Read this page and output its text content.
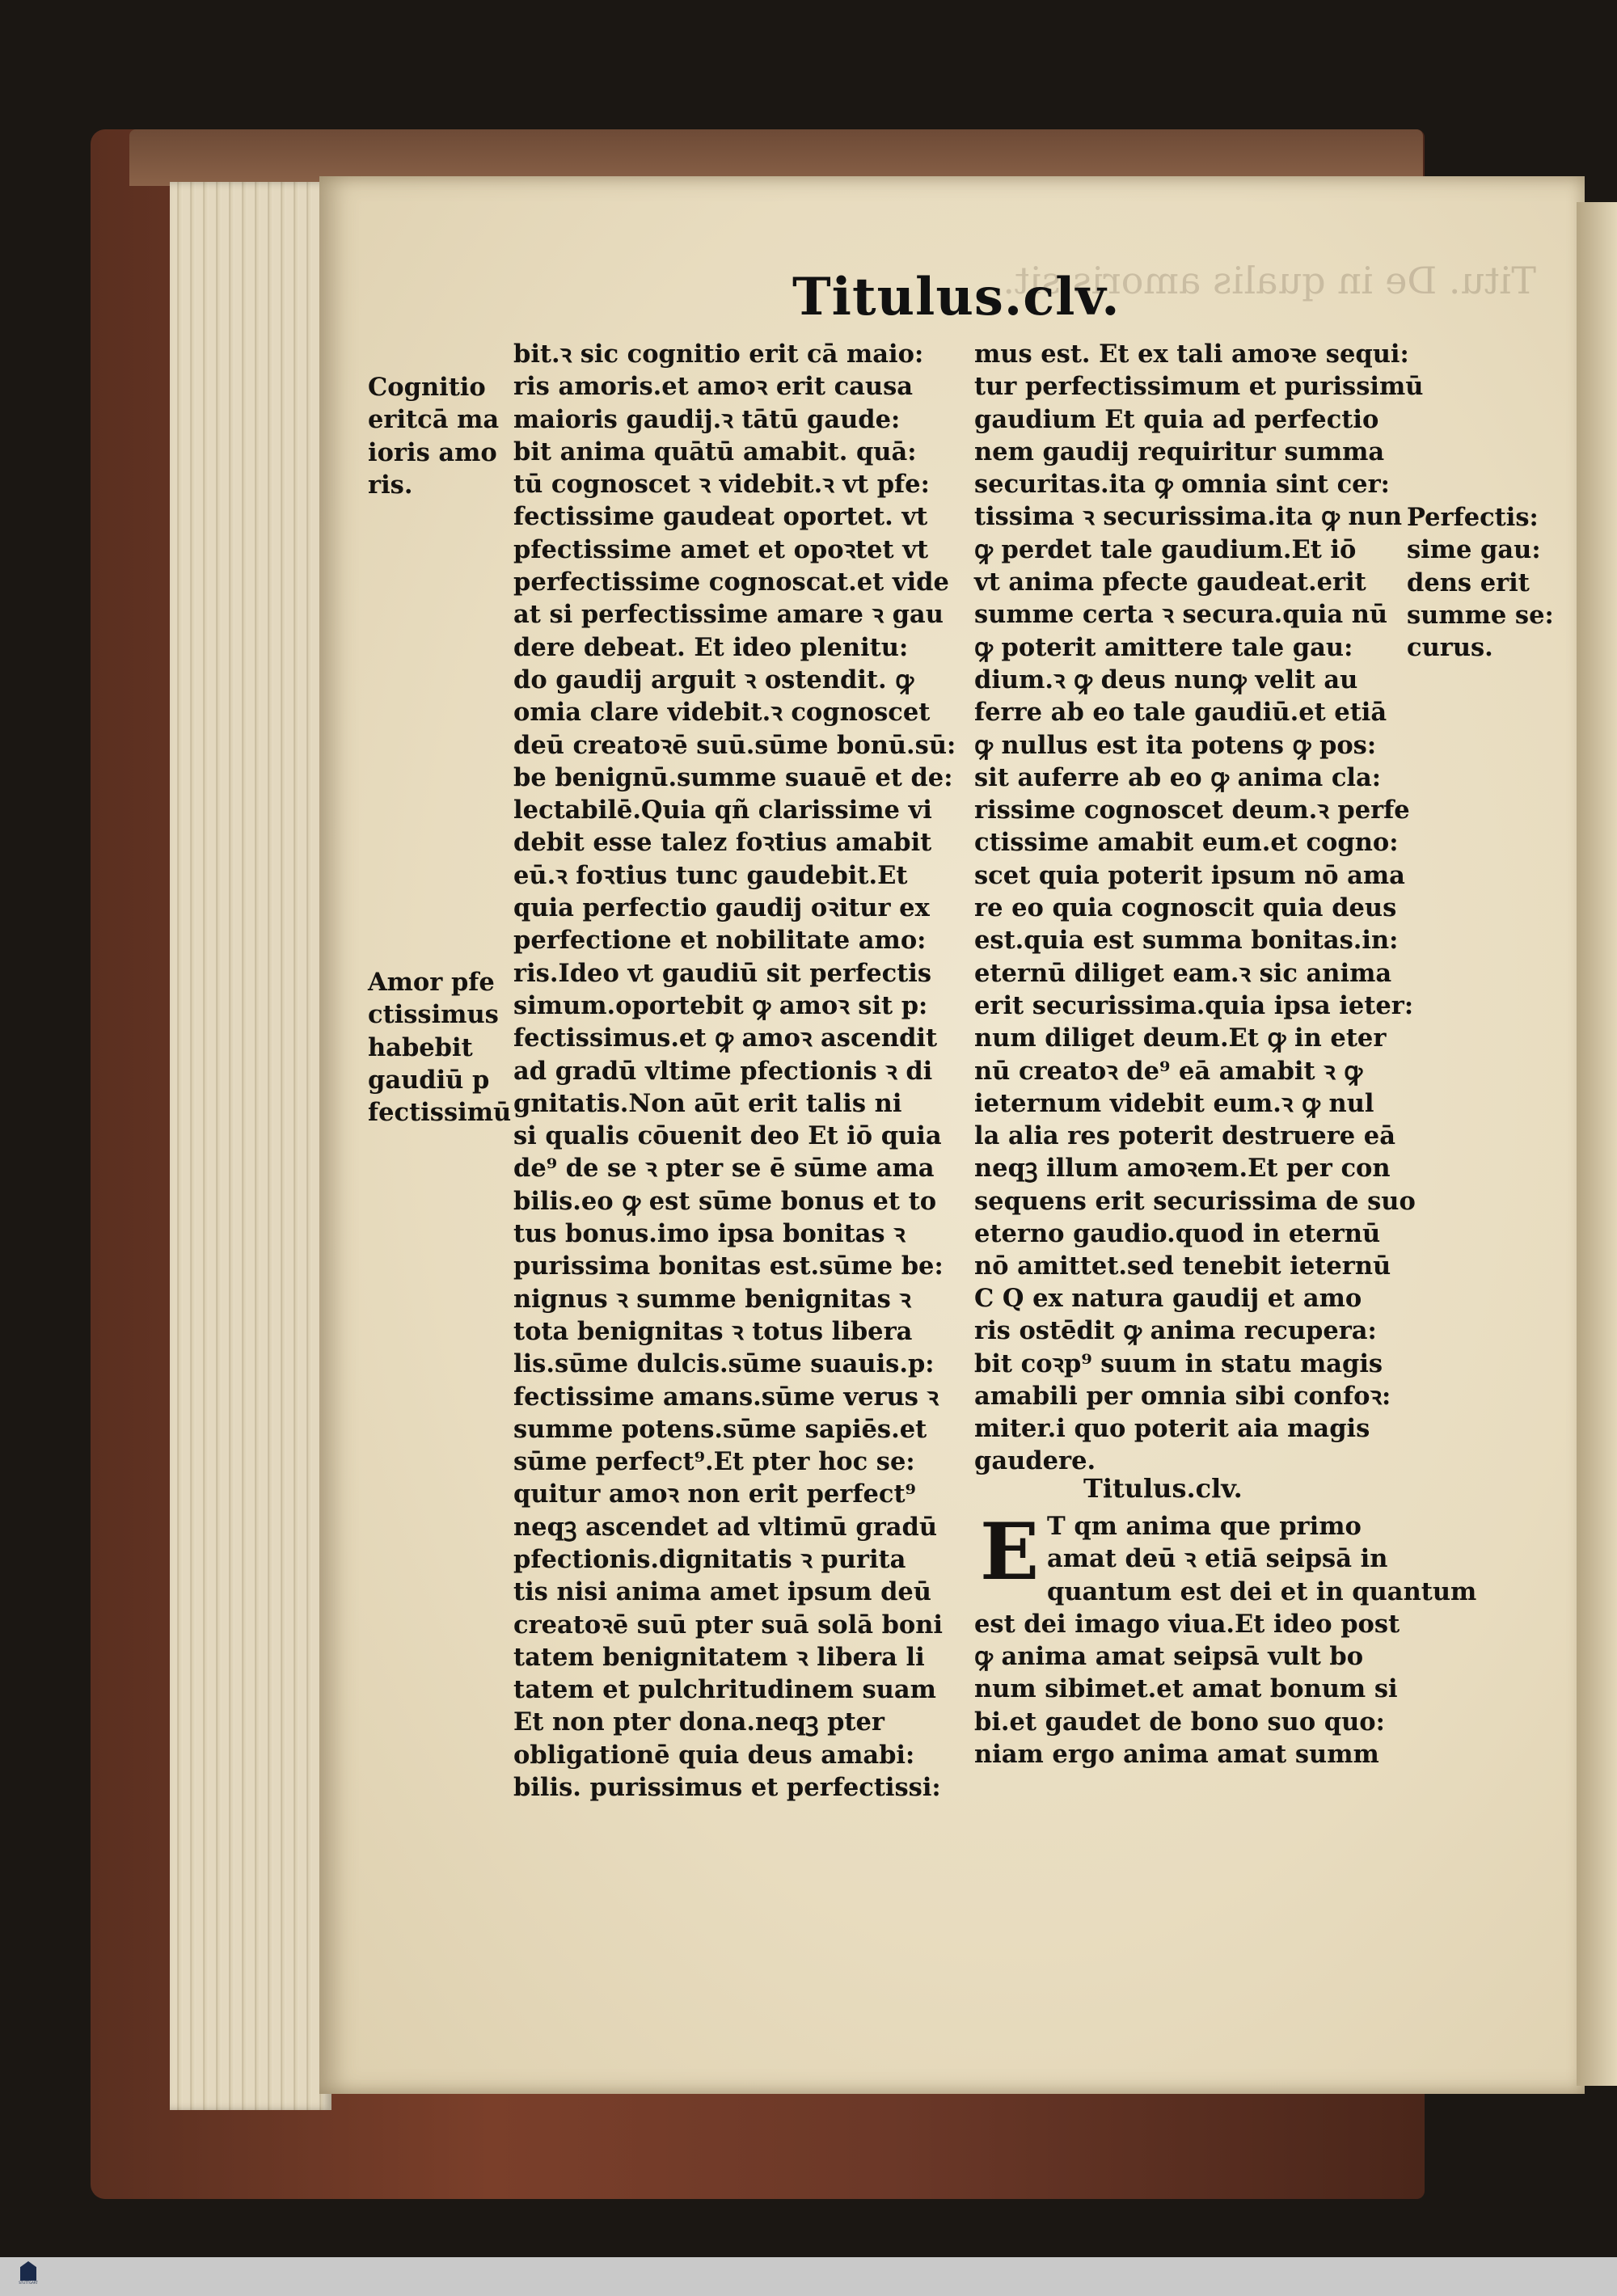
Titu. De in qualis amoris sit.
Titulus.clv.
Cognitio
eritcā ma
ioris amo
ris.
Amor pfe
ctissimus
habebit
gaudiū p
fectissimū
Perfectis:
sime gau:
dens erit
summe se:
curus.
bit.ꝛ sic cognitio erit cā maio:
ris amoris.et amoꝛ erit causa
maioris gaudij.ꝛ tātū gaude:
bit anima quātū amabit. quā:
tū cognoscet ꝛ videbit.ꝛ vt pfe:
fectissime gaudeat oportet. vt
pfectissime amet et opoꝛtet vt
perfectissime cognoscat.et vide
at si perfectissime amare ꝛ gau
dere debeat. Et ideo plenitu:
do gaudij arguit ꝛ ostendit. ꝙ
omia clare videbit.ꝛ cognoscet
deū creatoꝛē suū.sūme bonū.sū:
be benignū.summe suauē et de:
lectabilē.Quia qñ clarissime vi
debit esse talez foꝛtius amabit
eū.ꝛ foꝛtius tunc gaudebit.Et
quia perfectio gaudij oꝛitur ex
perfectione et nobilitate amo:
ris.Ideo vt gaudiū sit perfectis
simum.oportebit ꝙ amoꝛ sit p:
fectissimus.et ꝙ amoꝛ ascendit
ad gradū vltime pfectionis ꝛ di
gnitatis.Non aūt erit talis ni
si qualis cōuenit deo Et iō quia
de⁹ de se ꝛ pter se ē sūme ama
bilis.eo ꝙ est sūme bonus et to
tus bonus.imo ipsa bonitas ꝛ
purissima bonitas est.sūme be:
nignus ꝛ summe benignitas ꝛ
tota benignitas ꝛ totus libera
lis.sūme dulcis.sūme suauis.p:
fectissime amans.sūme verus ꝛ
summe potens.sūme sapiēs.et
sūme perfect⁹.Et pter hoc se:
quitur amoꝛ non erit perfect⁹
neqꝫ ascendet ad vltimū gradū
pfectionis.dignitatis ꝛ purita
tis nisi anima amet ipsum deū
creatoꝛē suū pter suā solā boni
tatem benignitatem ꝛ libera li
tatem et pulchritudinem suam
Et non pter dona.neqꝫ pter
obligationē quia deus amabi:
bilis. purissimus et perfectissi:
mus est. Et ex tali amoꝛe sequi:
tur perfectissimum et purissimū
gaudium Et quia ad perfectio
nem gaudij requiritur summa
securitas.ita ꝙ omnia sint cer:
tissima ꝛ securissima.ita ꝙ nun
ꝙ perdet tale gaudium.Et iō
vt anima pfecte gaudeat.erit
summe certa ꝛ secura.quia nū
ꝙ poterit amittere tale gau:
dium.ꝛ ꝙ deus nunꝙ velit au
ferre ab eo tale gaudiū.et etiā
ꝙ nullus est ita potens ꝙ pos:
sit auferre ab eo ꝙ anima cla:
rissime cognoscet deum.ꝛ perfe
ctissime amabit eum.et cogno:
scet quia poterit ipsum nō ama
re eo quia cognoscit quia deus
est.quia est summa bonitas.in:
eternū diliget eam.ꝛ sic anima
erit securissima.quia ipsa ieter:
num diliget deum.Et ꝙ in eter
nū creatoꝛ de⁹ eā amabit ꝛ ꝙ
ieternum videbit eum.ꝛ ꝙ nul
la alia res poterit destruere eā
neqꝫ illum amoꝛem.Et per con
sequens erit securissima de suo
eterno gaudio.quod in eternū
nō amittet.sed tenebit ieternū
C Q ex natura gaudij et amo
ris ostēdit ꝙ anima recupera:
bit coꝛp⁹ suum in statu magis
amabili per omnia sibi confoꝛ:
miter.i quo poterit aia magis
gaudere.
Titulus.clv.
E T qm anima que primo
amat deū ꝛ etiā seipsā in
quantum est dei et in quantum
est dei imago viua.Et ideo post
ꝙ anima amat seipsā vult bo
num sibimet.et amat bonum si
bi.et gaudet de bono suo quo:
niam ergo anima amat summ
STUTTGART
